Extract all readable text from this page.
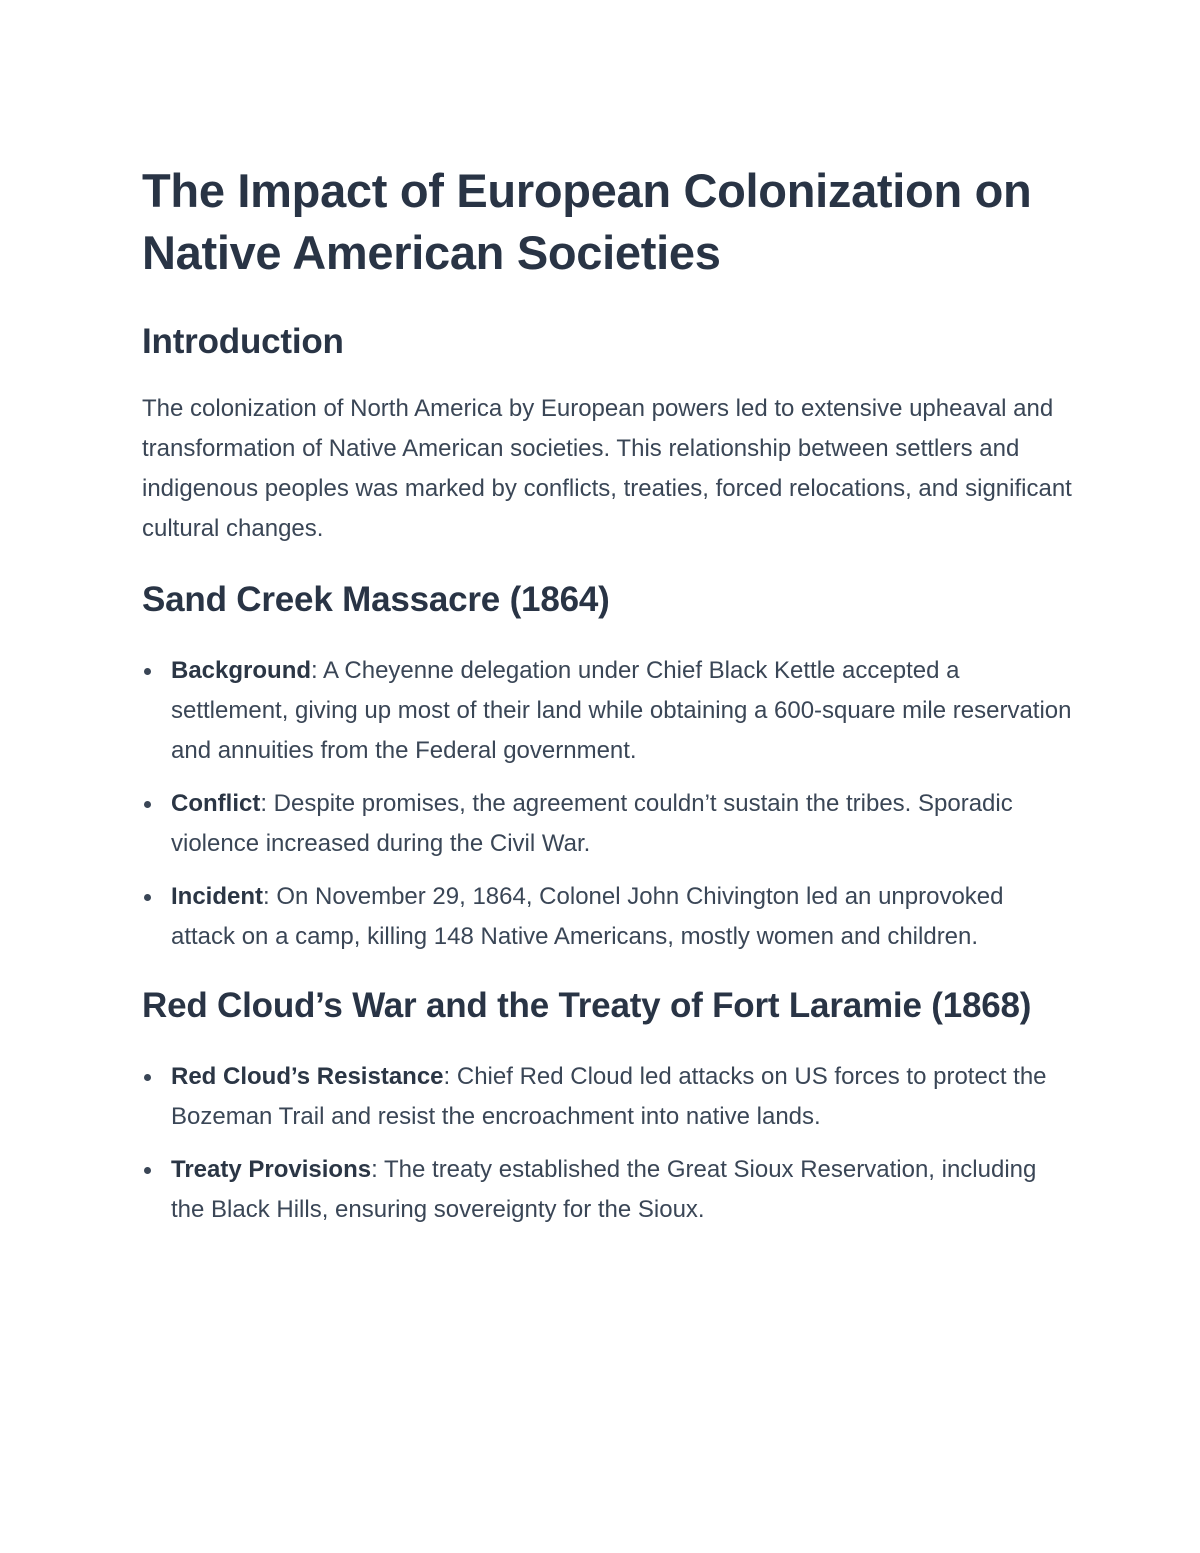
The Impact of European Colonization on Native American Societies
Introduction

The colonization of North America by European powers led to extensive upheaval and transformation of Native American societies. This relationship between settlers and indigenous peoples was marked by conflicts, treaties, forced relocations, and significant cultural changes.

Sand Creek Massacre (1864)
Background: A Cheyenne delegation under Chief Black Kettle accepted a settlement, giving up most of their land while obtaining a 600-square mile reservation and annuities from the Federal government.
Conflict: Despite promises, the agreement couldn’t sustain the tribes. Sporadic violence increased during the Civil War.
Incident: On November 29, 1864, Colonel John Chivington led an unprovoked attack on a camp, killing 148 Native Americans, mostly women and children.
Red Cloud’s War and the Treaty of Fort Laramie (1868)
Red Cloud’s Resistance: Chief Red Cloud led attacks on US forces to protect the Bozeman Trail and resist the encroachment into native lands.
Treaty Provisions: The treaty established the Great Sioux Reservation, including the Black Hills, ensuring sovereignty for the Sioux.
